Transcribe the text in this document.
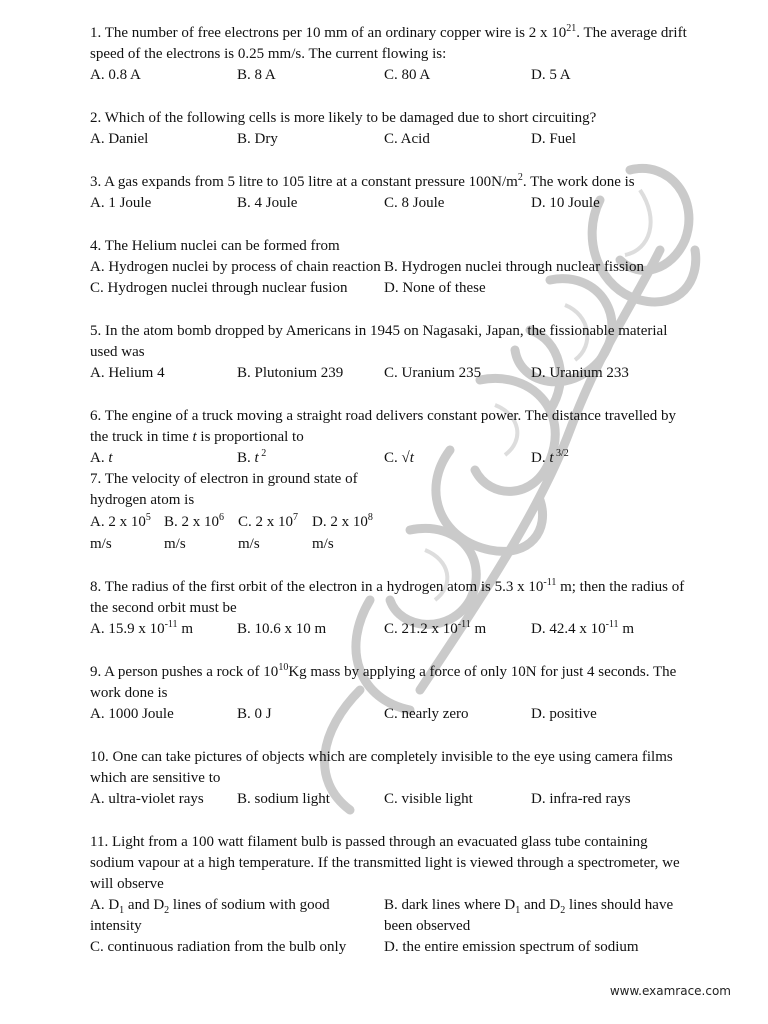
1. The number of free electrons per 10 mm of an ordinary copper wire is 2 x $10^{21}$. The average drift speed of the electrons is 0.25 mm/s. The current flowing is:
A. 0.8 A	B. 8 A	C. 80 A	D. 5 A
2. Which of the following cells is more likely to be damaged due to short circuiting?
A. Daniel	B. Dry	C. Acid	D. Fuel
3. A gas expands from 5 litre to 105 litre at a constant pressure $100N/m^2$. The work done is
A. 1 Joule	B. 4 Joule	C. 8 Joule	D. 10 Joule
4. The Helium nuclei can be formed from
A. Hydrogen nuclei by process of chain reaction B. Hydrogen nuclei through nuclear fission
C. Hydrogen nuclei through nuclear fusion	D. None of these
5. In the atom bomb dropped by Americans in 1945 on Nagasaki, Japan, the fissionable material used was
A. Helium 4	B. Plutonium 239	C. Uranium 235	D. Uranium 233
6. The engine of a truck moving a straight road delivers constant power. The distance travelled by the truck in time t is proportional to
A. t	B. t $^2$	C. √t	D. t $^{3/2}$
7. The velocity of electron in ground state of hydrogen atom is
A. 2 x $10^5$ m/s
B. 2 x $10^6$ m/s
C. 2 x $10^7$ m/s
D. 2 x $10^8$ m/s
8. The radius of the first orbit of the electron in a hydrogen atom is 5.3 x $10^{-11}$ m; then the radius of the second orbit must be
A. 15.9 x $10^{-11}$ m	B. 10.6 x 10 m	C. 21.2 x $10^{-11}$ m	D. 42.4 x $10^{-11}$ m
9. A person pushes a rock of $10^{10}Kg$ mass by applying a force of only 10N for just 4 seconds. The work done is
A. 1000 Joule	B. 0 J	C. nearly zero	D. positive
10. One can take pictures of objects which are completely invisible to the eye using camera films which are sensitive to
A. ultra-violet rays	B. sodium light	C. visible light	D. infra-red rays
11. Light from a 100 watt filament bulb is passed through an evacuated glass tube containing sodium vapour at a high temperature. If the transmitted light is viewed through a spectrometer, we will observe
A. $D_1$ and $D_2$ lines of sodium with good intensity
B. dark lines where $D_1$ and $D_2$ lines should have been observed
C. continuous radiation from the bulb only	D. the entire emission spectrum of sodium
www.examrace.com
